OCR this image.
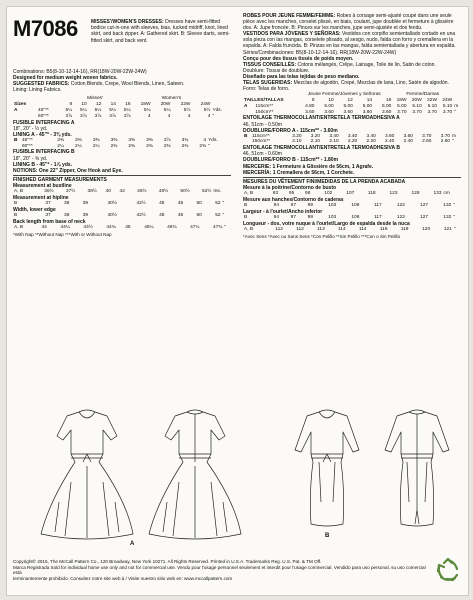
M7086	MISSES'/WOMEN'S DRESSES: Dresses have semi-fitted bodice cut-in-one with sleeves, bias, tucked midriff, knot, lined skirt, and back zipper. A: Gathered skirt. B: Sleeve darts, semi-fitted skirt, and back vent.
Combinations: B5(8-10-12-14-16), RR(18W-20W-22W-24W)
Designed for medium weight woven fabrics.
SUGGESTED FABRICS: Cotton Blends, Crepe, Wool Blends, Linen, Sateen.
Lining: Lining Fabrics.
		Misses'					Women's				
Sizes		8	10	12	14	16	18W	20W	22W	24W	
A	45"**	5¼	5¼	5¼	5¼	5¼	5¼	5¼	5½	5½	Yds.
	60"**	3⅞	3⅞	3⅞	3⅞	3⅞	4	4	4	4	"
FUSIBLE INTERFACING A
18", 20" - ½ yd.
LINING A - 45"* - 3⅜ yds.
B	45"**	3⅜	3⅜	3⅜	3⅜	3⅜	3⅜	3⅞	3¾	4	Yds.
	60"**	2¼	2¼	2¼	2⅜	2⅜	2⅜	2⅜	2⅜	2⅜	"
FUSIBLE INTERFACING B
18", 20" - ⅝ yd.
LINING B - 45"* - 1⅞ yds.
NOTIONS: One 22" Zipper, One Hook and Eye.
FINISHED GARMENT MEASUREMENTS
Measurement at bustline
A, B	36½	37½	38½	40	42	46½	48½	50½	52½	Ins.
Measurement at hipline
B	37	38	39	40½	42½	46	48	50	52	"
Width, lower edge
B	37	38	39	40½	42½	46	48	50	52	"
Back length from base of neck
A, B	44	44¼	44½	44¾	45	46¼	46¾	47¼	47¾	"
*With Nap **Without Nap ***With or Without Nap
ROBES POUR JEUNE FEMME/FEMME: Robes à corsage semi-ajusté coupé dans une seule pièce avec les manches, corselet plissé, en biais, coulant, jupe doublée et fermeture à glissière dos. A: Jupe froncée. B: Pinces sur les manches, jupe semi-ajustée et dos fendu.
VESTIDOS PARA JÓVENES Y SEÑORAS: Vestidos con corpiño semientallado cortado en una sola pieza con las mangas, corselete plisado, al sesgo, nudo, falda con forro y cremallera en la espalda. A: Falda fruncida. B: Pinzas en las mangas, falda semientallada y abertura en espalda.
Séries/Combinaciones: B5(8-10-12-14-16), RR(18W-20W-22W-24W)
Conçu pour des tissus tissés de poids moyen.
TISSUS CONSEILLÉS: Cotons mélangés, Crêpe, Lainage, Toile de lin, Satin de coton.
Doublure: Tissus de doublure.
Diseñado para las telas tejidas de peso mediano.
TELAS SUGERIDAS: Mezclas de algodón, Crepé, Mezclas de lana, Lino, Satén de algodón. Forro: Telas de forro.
		Jeune Femme/Jóvenes y Señoras					Femme/Damas				
TAILLES/TALLAS		8	10	12	14	16	18W	20W	22W	24W	
A	115cm**	4.80	5.00	5.00	5.00	5.00	5.00	5.10	5.10	5.10	m
	150cm**	3.60	3.60	3.60	3.60	3.60	3.70	3.70	3.70	3.70	"
ENTOILAGE THERMOCOLLANT/ENTRETELA TERMOADHESIVA A
46, 51cm - 0.50m
DOUBLURE/FORRO A - 115cm** - 3.60m
B	115cm**	3.20	3.20	3.40	3.40	3.40	3.60	3.60	3.70	3.70	m
	150cm**	2.10	2.10	2.10	2.20	2.20	2.40	2.40	2.60	2.60	"
ENTOILAGE THERMOCOLLANT/ENTRETELA TERMOADHESIVA B
46, 51cm - 0.60m
DOUBLURE/FORRO B - 115cm** - 1.80m
MERCERIE: 1 Fermeture à Glissière de 56cm, 1 Agrafe.
MERCERÍA: 1 Cremallera de 56cm, 1 Corchete.
MESURES DU VÊTEMENT FINI/MEDIDAS DE LA PRENDA ACABADA
Mesure à la poitrine/Contorno de busto
A, B	93	95	98	102	107	118	123	128	133	cm
Mesure aux hanches/Contorno de caderas
B	94	97	99	103	108	117	122	127	132	"
Largeur - à l'ourlet/Ancho inferior
B	94	97	99	103	108	117	122	127	132	"
Longueur - dos, votre nuque à l'ourlet/Largo de espalda desde la nuca
A, B	112	112	113	114	114	118	119	120	121	"
*Avec Sens *Avec ou Sans Sens *Con Pelillo **Sin Pelillo ***Con o Sin Pelillo
A
B
Copyright© 2015, The McCall Pattern Co., 120 Broadway, New York 10271. All Rights Reserved. Printed in U.S.A. Trademarks Reg. U.S. Pat. & TM Off.
Marca Registrada Sold for individual home use only and not for commercial use. Vendu pour l'usage personnel seulement et interdit pour l'usage commercial. Vendido para uso personal, su uso comercial está
terminantemente prohibido. Consultez notre site web à / Visite nuestro sitio web en: www.mccallpattern.com
